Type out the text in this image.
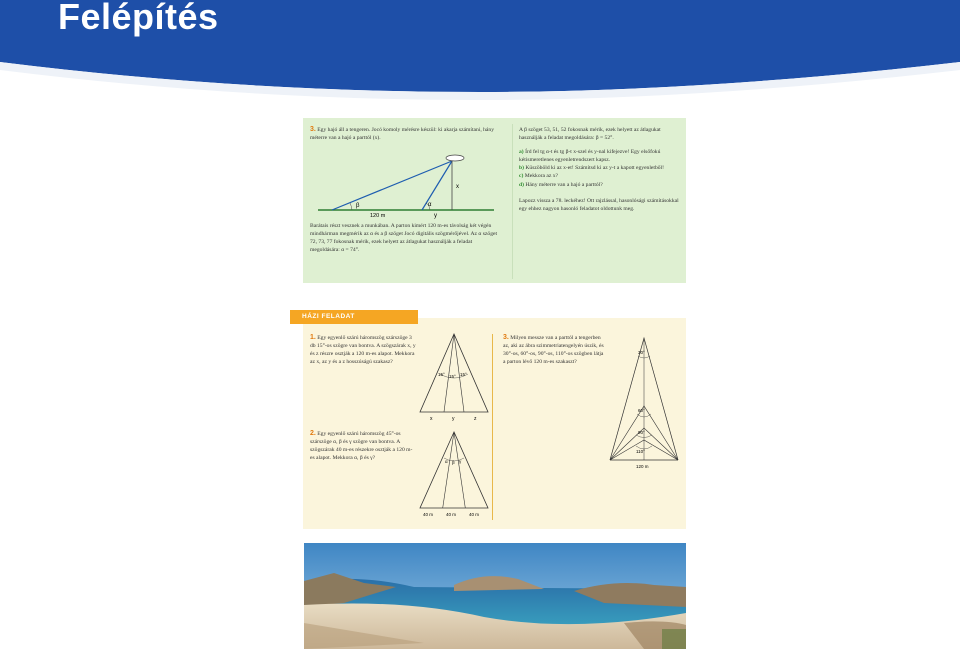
Felépítés
3. Egy hajó áll a tengeren. Jocó komoly mérésre készül: ki akarja számítani, hány méterre van a hajó a parttól (x).
β	α
x
y
120 m
Barátais részt vesznek a munkában. A parton kimért 120 m-es távolság két végén mindhárman megmérik az α és a β szöget Jocó digitális szögmérőjével. Az α szöget 72, 73, 77 fokosnak mérik, ezek helyett az átlagukat használják a feladat megoldására: α = 74°.
A β szöget 53, 51, 52 fokosnak mérik, ezek helyett az átlagukat használják a feladat megoldására: β = 52°.
a) Írd fel tg α-t és tg β-t x-szel és y-nal kifejezve! Egy elsőfokú kétismeretlenes egyenletrendszert kapsz.
b) Küszöböld ki az x-et! Számítsd ki az y-t a kapott egyenletből!
c) Mekkora az x?
d) Hány méterre van a hajó a parttól?
Lapozz vissza a 78. leckéhez! Ott rajzlással, hasonlósági számításokkal egy ehhez nagyon hasonló feladatot oldottunk meg.
HÁZI FELADAT
1. Egy egyenlő szárú háromszög szárszöge 3 db 15°-os szögre van bontva. A szögszárak x, y és z részre osztják a 120 m-es alapot. Mekkora az x, az y és a z hosszúságú szakasz?
15° 15° 15°
x	y	z
2. Egy egyenlő szárú háromszög 45°-os szárszöge α, β és γ szögre van bontva. A szögszárak 40 m-es részekre osztják a 120 m-es alapot. Mekkora α, β és γ?
α β γ
40 m	40 m	40 m
3. Milyen messze van a parttól a tengerben az, aki az ábra szimmetriatengelyén úszik, és 30°-os, 60°-os, 90°-os, 110°-os szögben látja a parton lévő 120 m-es szakaszt?
30°
60°
90°
110°
120 m
